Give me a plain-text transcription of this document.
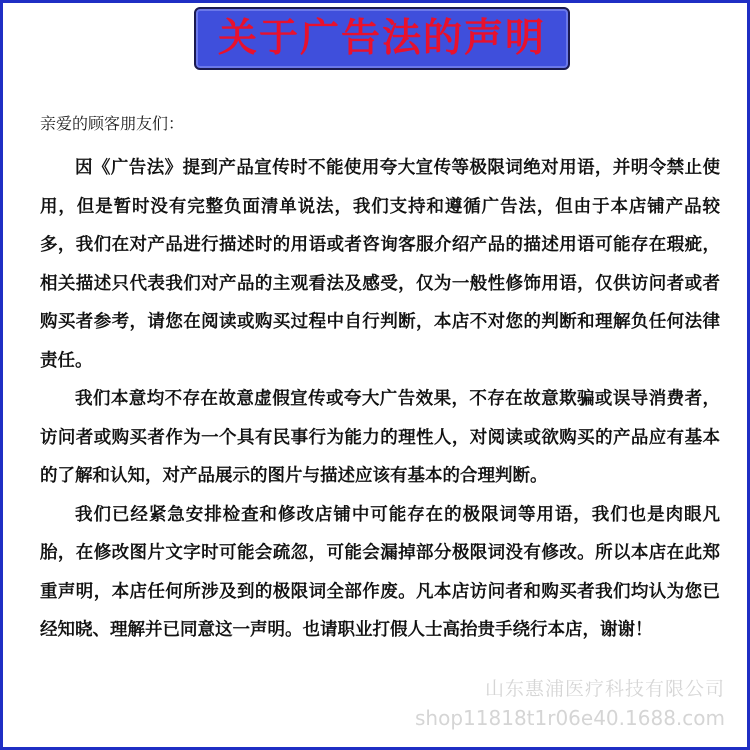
关于广告法的声明
亲爱的顾客朋友们：

因《广告法》提到产品宣传时不能使用夸大宣传等极限词绝对用语，并明令禁止使用，但是暂时没有完整负面清单说法，我们支持和遵循广告法，但由于本店铺产品较多，我们在对产品进行描述时的用语或者咨询客服介绍产品的描述用语可能存在瑕疵，相关描述只代表我们对产品的主观看法及感受，仅为一般性修饰用语，仅供访问者或者购买者参考，请您在阅读或购买过程中自行判断，本店不对您的判断和理解负任何法律责任。

我们本意均不存在故意虚假宣传或夸大广告效果，不存在故意欺骗或误导消费者，访问者或购买者作为一个具有民事行为能力的理性人，对阅读或欲购买的产品应有基本的了解和认知，对产品展示的图片与描述应该有基本的合理判断。

我们已经紧急安排检查和修改店铺中可能存在的极限词等用语，我们也是肉眼凡胎，在修改图片文字时可能会疏忽，可能会漏掉部分极限词没有修改。所以本店在此郑重声明，本店任何所涉及到的极限词全部作废。凡本店访问者和购买者我们均认为您已经知晓、理解并已同意这一声明。也请职业打假人士高抬贵手绕行本店，谢谢！

山东惠浦医疗科技有限公司
shop11818t1r06e40.1688.com
